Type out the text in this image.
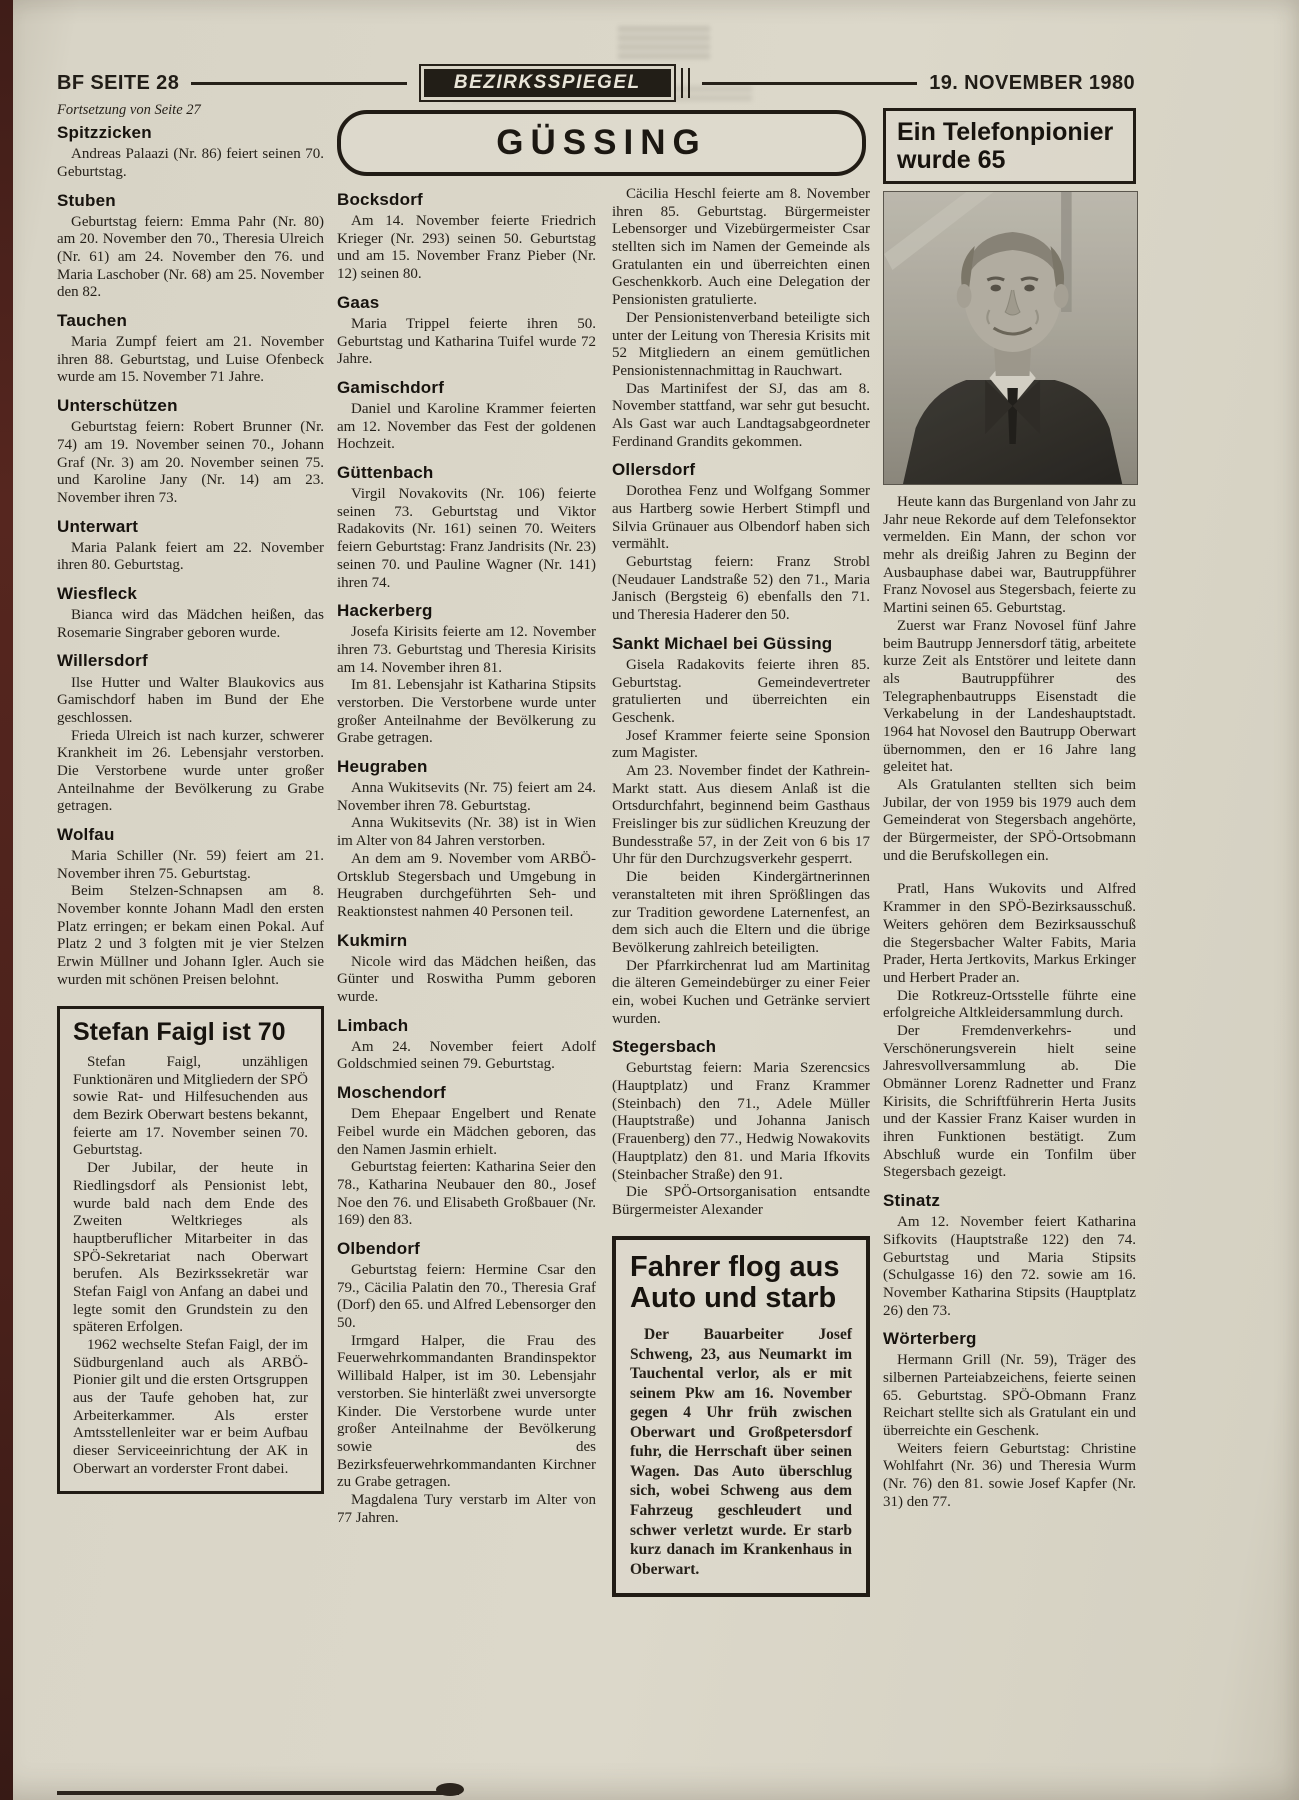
BF SEITE 28	BEZIRKSSPIEGEL	19. NOVEMBER 1980
GÜSSING

Fortsetzung von Seite 27

Spitzzicken

Andreas Palaazi (Nr. 86) feiert seinen 70. Geburtstag.

Stuben

Geburtstag feiern: Emma Pahr (Nr. 80) am 20. November den 70., Theresia Ulreich (Nr. 61) am 24. November den 76. und Maria Laschober (Nr. 68) am 25. November den 82.

Tauchen

Maria Zumpf feiert am 21. November ihren 88. Geburtstag, und Luise Ofenbeck wurde am 15. November 71 Jahre.

Unterschützen

Geburtstag feiern: Robert Brunner (Nr. 74) am 19. November seinen 70., Johann Graf (Nr. 3) am 20. November seinen 75. und Karoline Jany (Nr. 14) am 23. November ihren 73.

Unterwart

Maria Palank feiert am 22. November ihren 80. Geburtstag.

Wiesfleck

Bianca wird das Mädchen heißen, das Rosemarie Singraber geboren wurde.

Willersdorf

Ilse Hutter und Walter Blaukovics aus Gamischdorf haben im Bund der Ehe geschlossen.

Frieda Ulreich ist nach kurzer, schwerer Krankheit im 26. Lebensjahr verstorben. Die Verstorbene wurde unter großer Anteilnahme der Bevölkerung zu Grabe getragen.

Wolfau

Maria Schiller (Nr. 59) feiert am 21. November ihren 75. Geburtstag.

Beim Stelzen-Schnapsen am 8. November konnte Johann Madl den ersten Platz erringen; er bekam einen Pokal. Auf Platz 2 und 3 folgten mit je vier Stelzen Erwin Müllner und Johann Igler. Auch sie wurden mit schönen Preisen belohnt.

Stefan Faigl ist 70

Stefan Faigl, unzähligen Funktionären und Mitgliedern der SPÖ sowie Rat- und Hilfesuchenden aus dem Bezirk Oberwart bestens bekannt, feierte am 17. November seinen 70. Geburtstag.

Der Jubilar, der heute in Riedlingsdorf als Pensionist lebt, wurde bald nach dem Ende des Zweiten Weltkrieges als hauptberuflicher Mitarbeiter in das SPÖ-Sekretariat nach Oberwart berufen. Als Bezirkssekretär war Stefan Faigl von Anfang an dabei und legte somit den Grundstein zu den späteren Erfolgen.

1962 wechselte Stefan Faigl, der im Südburgenland auch als ARBÖ-Pionier gilt und die ersten Ortsgruppen aus der Taufe gehoben hat, zur Arbeiterkammer. Als erster Amtsstellenleiter war er beim Aufbau dieser Serviceeinrichtung der AK in Oberwart an vorderster Front dabei.

Bocksdorf

Am 14. November feierte Friedrich Krieger (Nr. 293) seinen 50. Geburtstag und am 15. November Franz Pieber (Nr. 12) seinen 80.

Gaas

Maria Trippel feierte ihren 50. Geburtstag und Katharina Tuifel wurde 72 Jahre.

Gamischdorf

Daniel und Karoline Krammer feierten am 12. November das Fest der goldenen Hochzeit.

Güttenbach

Virgil Novakovits (Nr. 106) feierte seinen 73. Geburtstag und Viktor Radakovits (Nr. 161) seinen 70. Weiters feiern Geburtstag: Franz Jandrisits (Nr. 23) seinen 70. und Pauline Wagner (Nr. 141) ihren 74.

Hackerberg

Josefa Kirisits feierte am 12. November ihren 73. Geburtstag und Theresia Kirisits am 14. November ihren 81.

Im 81. Lebensjahr ist Katharina Stipsits verstorben. Die Verstorbene wurde unter großer Anteilnahme der Bevölkerung zu Grabe getragen.

Heugraben

Anna Wukitsevits (Nr. 75) feiert am 24. November ihren 78. Geburtstag.

Anna Wukitsevits (Nr. 38) ist in Wien im Alter von 84 Jahren verstorben.

An dem am 9. November vom ARBÖ-Ortsklub Stegersbach und Umgebung in Heugraben durchgeführten Seh- und Reaktionstest nahmen 40 Personen teil.

Kukmirn

Nicole wird das Mädchen heißen, das Günter und Roswitha Pumm geboren wurde.

Limbach

Am 24. November feiert Adolf Goldschmied seinen 79. Geburtstag.

Moschendorf

Dem Ehepaar Engelbert und Renate Feibel wurde ein Mädchen geboren, das den Namen Jasmin erhielt.

Geburtstag feierten: Katharina Seier den 78., Katharina Neubauer den 80., Josef Noe den 76. und Elisabeth Großbauer (Nr. 169) den 83.

Olbendorf

Geburtstag feiern: Hermine Csar den 79., Cäcilia Palatin den 70., Theresia Graf (Dorf) den 65. und Alfred Lebensorger den 50.

Irmgard Halper, die Frau des Feuerwehrkommandanten Brandinspektor Willibald Halper, ist im 30. Lebensjahr verstorben. Sie hinterläßt zwei unversorgte Kinder. Die Verstorbene wurde unter großer Anteilnahme der Bevölkerung sowie des Bezirksfeuerwehrkommandanten Kirchner zu Grabe getragen.

Magdalena Tury verstarb im Alter von 77 Jahren.

Cäcilia Heschl feierte am 8. November ihren 85. Geburtstag. Bürgermeister Lebensorger und Vizebürgermeister Csar stellten sich im Namen der Gemeinde als Gratulanten ein und überreichten einen Geschenkkorb. Auch eine Delegation der Pensionisten gratulierte.

Der Pensionistenverband beteiligte sich unter der Leitung von Theresia Krisits mit 52 Mitgliedern an einem gemütlichen Pensionistennachmittag in Rauchwart.

Das Martinifest der SJ, das am 8. November stattfand, war sehr gut besucht. Als Gast war auch Landtagsabgeordneter Ferdinand Grandits gekommen.

Ollersdorf

Dorothea Fenz und Wolfgang Sommer aus Hartberg sowie Herbert Stimpfl und Silvia Grünauer aus Olbendorf haben sich vermählt.

Geburtstag feiern: Franz Strobl (Neudauer Landstraße 52) den 71., Maria Janisch (Bergsteig 6) ebenfalls den 71. und Theresia Haderer den 50.

Sankt Michael bei Güssing

Gisela Radakovits feierte ihren 85. Geburtstag. Gemeindevertreter gratulierten und überreichten ein Geschenk.

Josef Krammer feierte seine Sponsion zum Magister.

Am 23. November findet der Kathrein-Markt statt. Aus diesem Anlaß ist die Ortsdurchfahrt, beginnend beim Gasthaus Freislinger bis zur südlichen Kreuzung der Bundesstraße 57, in der Zeit von 6 bis 17 Uhr für den Durchzugsverkehr gesperrt.

Die beiden Kindergärtnerinnen veranstalteten mit ihren Sprößlingen das zur Tradition gewordene Laternenfest, an dem sich auch die Eltern und die übrige Bevölkerung zahlreich beteiligten.

Der Pfarrkirchenrat lud am Martinitag die älteren Gemeindebürger zu einer Feier ein, wobei Kuchen und Getränke serviert wurden.

Stegersbach

Geburtstag feiern: Maria Szerencsics (Hauptplatz) und Franz Krammer (Steinbach) den 71., Adele Müller (Hauptstraße) und Johanna Janisch (Frauenberg) den 77., Hedwig Nowakovits (Hauptplatz) den 81. und Maria Ifkovits (Steinbacher Straße) den 91.

Die SPÖ-Ortsorganisation entsandte Bürgermeister Alexander

Fahrer flog aus Auto und starb

Der Bauarbeiter Josef Schweng, 23, aus Neumarkt im Tauchental verlor, als er mit seinem Pkw am 16. November gegen 4 Uhr früh zwischen Oberwart und Großpetersdorf fuhr, die Herrschaft über seinen Wagen. Das Auto überschlug sich, wobei Schweng aus dem Fahrzeug geschleudert und schwer verletzt wurde. Er starb kurz danach im Krankenhaus in Oberwart.

Ein Telefonpionier wurde 65

Heute kann das Burgenland von Jahr zu Jahr neue Rekorde auf dem Telefonsektor vermelden. Ein Mann, der schon vor mehr als dreißig Jahren zu Beginn der Ausbauphase dabei war, Bautruppführer Franz Novosel aus Stegersbach, feierte zu Martini seinen 65. Geburtstag.

Zuerst war Franz Novosel fünf Jahre beim Bautrupp Jennersdorf tätig, arbeitete kurze Zeit als Entstörer und leitete dann als Bautruppführer des Telegraphenbautrupps Eisenstadt die Verkabelung in der Landeshauptstadt. 1964 hat Novosel den Bautrupp Oberwart übernommen, den er 16 Jahre lang geleitet hat.

Als Gratulanten stellten sich beim Jubilar, der von 1959 bis 1979 auch dem Gemeinderat von Stegersbach angehörte, der Bürgermeister, der SPÖ-Ortsobmann und die Berufskollegen ein.

Pratl, Hans Wukovits und Alfred Krammer in den SPÖ-Bezirksausschuß. Weiters gehören dem Bezirksausschuß die Stegersbacher Walter Fabits, Maria Prader, Herta Jertkovits, Markus Erkinger und Herbert Prader an.

Die Rotkreuz-Ortsstelle führte eine erfolgreiche Altkleidersammlung durch.

Der Fremdenverkehrs- und Verschönerungsverein hielt seine Jahresvollversammlung ab. Die Obmänner Lorenz Radnetter und Franz Kirisits, die Schriftführerin Herta Jusits und der Kassier Franz Kaiser wurden in ihren Funktionen bestätigt. Zum Abschluß wurde ein Tonfilm über Stegersbach gezeigt.

Stinatz

Am 12. November feiert Katharina Sifkovits (Hauptstraße 122) den 74. Geburtstag und Maria Stipsits (Schulgasse 16) den 72. sowie am 16. November Katharina Stipsits (Hauptplatz 26) den 73.

Wörterberg

Hermann Grill (Nr. 59), Träger des silbernen Parteiabzeichens, feierte seinen 65. Geburtstag. SPÖ-Obmann Franz Reichart stellte sich als Gratulant ein und überreichte ein Geschenk.

Weiters feiern Geburtstag: Christine Wohlfahrt (Nr. 36) und Theresia Wurm (Nr. 76) den 81. sowie Josef Kapfer (Nr. 31) den 77.
